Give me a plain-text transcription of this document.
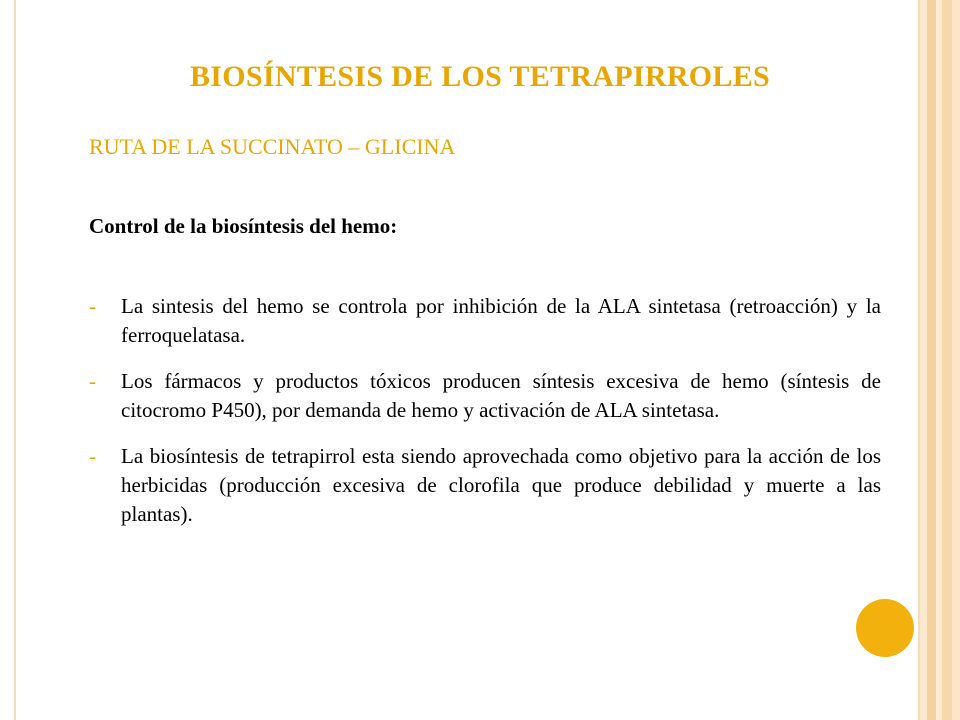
BIOSÍNTESIS DE LOS TETRAPIRROLES

RUTA DE LA SUCCINATO – GLICINA

Control de la biosíntesis del hemo:

-	La sintesis del hemo se controla por inhibición de la ALA sintetasa (retroacción) y la ferroquelatasa.
-	Los fármacos y productos tóxicos producen síntesis excesiva de hemo (síntesis de citocromo P450), por demanda de hemo y activación de ALA sintetasa.
-	La biosíntesis de tetrapirrol esta siendo aprovechada como objetivo para la acción de los herbicidas (producción excesiva de clorofila que produce debilidad y muerte a las plantas).
